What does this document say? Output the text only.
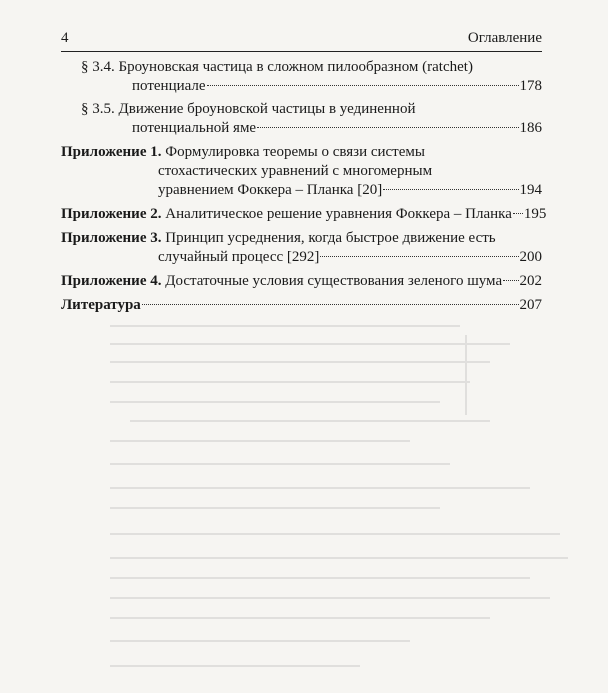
4	Оглавление
§ 3.4. Броуновская частица в сложном пилообразном (ratchet)
потенциале	178
§ 3.5. Движение броуновской частицы в уединенной
потенциальной яме	186
Приложение 1.
Формулировка теоремы о связи системы
стохастических уравнений с многомерным
уравнением Фоккера – Планка [20]	194
Приложение 2.
Аналитическое решение уравнения Фоккера – Планка 195
Приложение 3.
Принцип усреднения, когда быстрое движение есть
случайный процесс [292]	200
Приложение 4.
Достаточные условия существования зеленого шума 202
Литература	207
